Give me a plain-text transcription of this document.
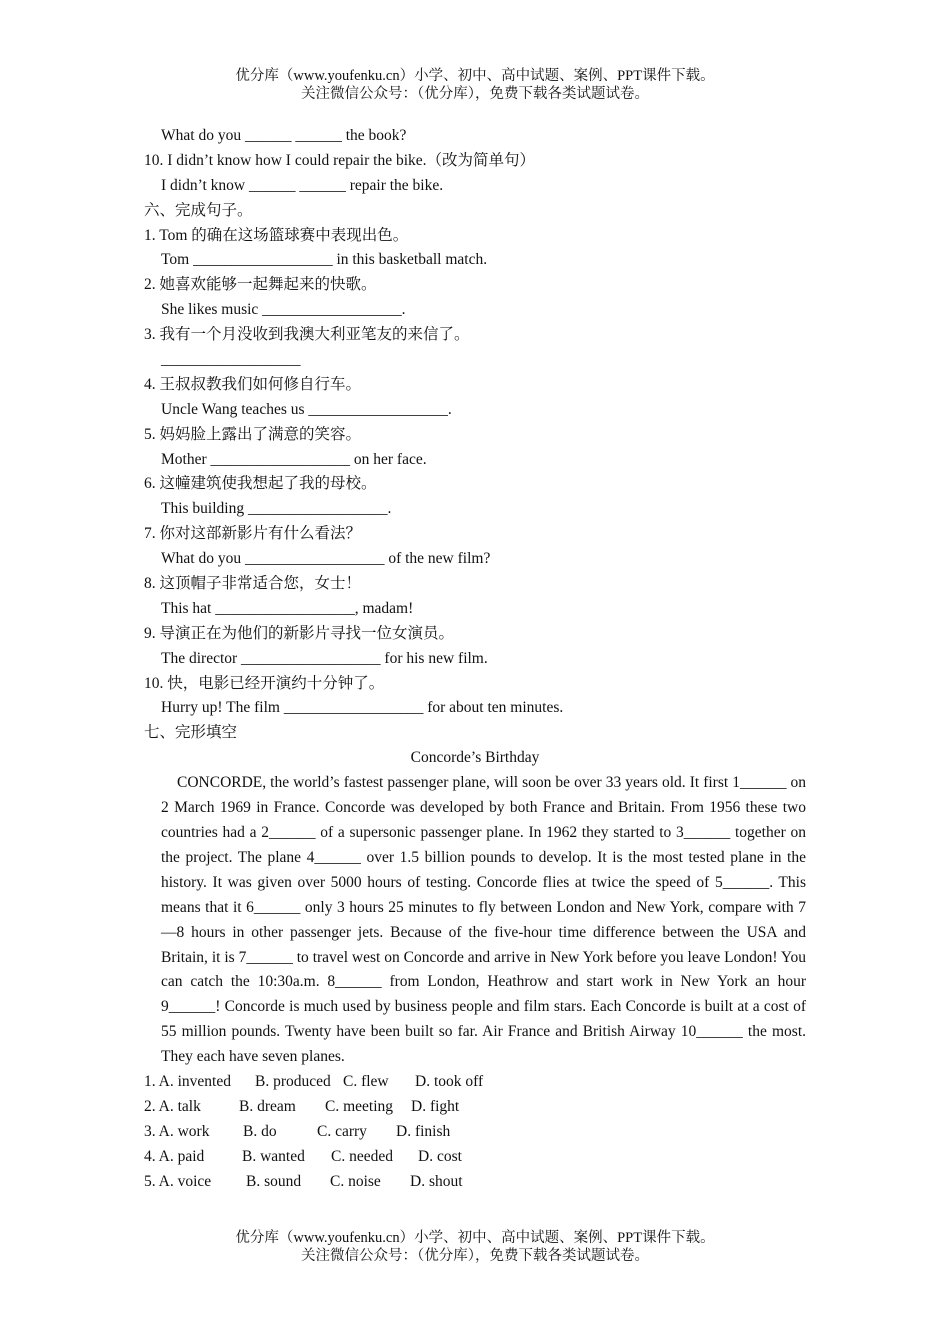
优分库（www.youfenku.cn）小学、初中、高中试题、案例、PPT课件下载。
关注微信公众号：（优分库），免费下载各类试题试卷。
What do you ______ ______ the book?
10. I didn’t know how I could repair the bike.（改为简单句）
I didn’t know ______ ______ repair the bike.
六、完成句子。
1. Tom 的确在这场篮球赛中表现出色。
Tom __________________ in this basketball match.
2. 她喜欢能够一起舞起来的快歌。
She likes music __________________.
3. 我有一个月没收到我澳大利亚笔友的来信了。
__________________
4. 王叔叔教我们如何修自行车。
Uncle Wang teaches us __________________.
5. 妈妈脸上露出了满意的笑容。
Mother __________________ on her face.
6. 这幢建筑使我想起了我的母校。
This building __________________.
7. 你对这部新影片有什么看法？
What do you __________________ of the new film?
8. 这顶帽子非常适合您，女士！
This hat __________________, madam!
9. 导演正在为他们的新影片寻找一位女演员。
The director __________________ for his new film.
10. 快，电影已经开演约十分钟了。
Hurry up! The film __________________ for about ten minutes.
七、完形填空
Concorde’s Birthday
CONCORDE, the world’s fastest passenger plane, will soon be over 33 years old. It first 1______ on 2 March 1969 in France. Concorde was developed by both France and Britain. From 1956 these two countries had a 2______ of a supersonic passenger plane. In 1962 they started to 3______ together on the project. The plane 4______ over 1.5 billion pounds to develop. It is the most tested plane in the history. It was given over 5000 hours of testing. Concorde flies at twice the speed of 5______. This means that it 6______ only 3 hours 25 minutes to fly between London and New York, compare with 7—8 hours in other passenger jets. Because of the five-hour time difference between the USA and Britain, it is 7______ to travel west on Concorde and arrive in New York before you leave London! You can catch the 10:30a.m. 8______ from London, Heathrow and start work in New York an hour 9______! Concorde is much used by business people and film stars. Each Concorde is built at a cost of 55 million pounds. Twenty have been built so far. Air France and British Airway 10______ the most. They each have seven planes.
1. A. invented B. produced C. flew D. took off
2. A. talk B. dream C. meeting D. fight
3. A. work B. do	C. carry D. finish
4. A. paid B. wanted C. needed D. cost
5. A. voice B. sound C. noise D. shout
优分库（www.youfenku.cn）小学、初中、高中试题、案例、PPT课件下载。
关注微信公众号：（优分库），免费下载各类试题试卷。
